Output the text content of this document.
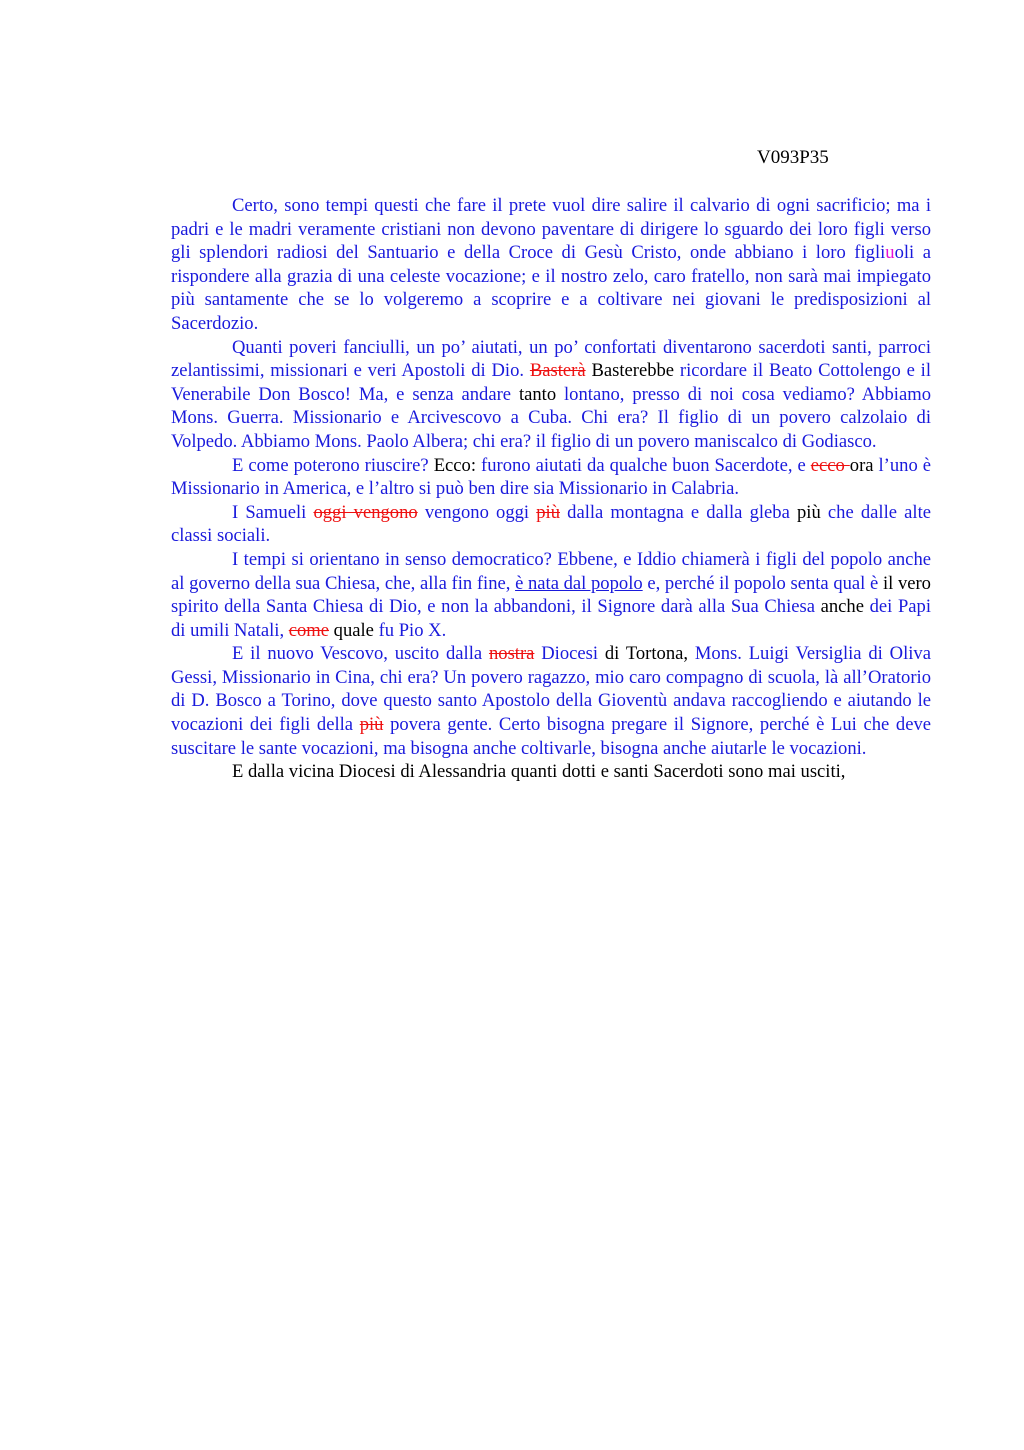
V093P35

Certo, sono tempi questi che fare il prete vuol dire salire il calvario di ogni sacrificio; ma i padri e le madri veramente cristiani non devono paventare di dirigere lo sguardo dei loro figli verso gli splendori radiosi del Santuario e della Croce di Gesù Cristo, onde abbiano i loro figliuoli a rispondere alla grazia di una celeste vocazione; e il nostro zelo, caro fratello, non sarà mai impiegato più santamente che se lo volgeremo a scoprire e a coltivare nei giovani le predisposizioni al Sacerdozio.

Quanti poveri fanciulli, un po’ aiutati, un po’ confortati diventarono sacerdoti santi, parroci zelantissimi, missionari e veri Apostoli di Dio. Basterà Basterebbe ricordare il Beato Cottolengo e il Venerabile Don Bosco! Ma, e senza andare tanto lontano, presso di noi cosa vediamo? Abbiamo Mons. Guerra. Missionario e Arcivescovo a Cuba. Chi era? Il figlio di un povero calzolaio di Volpedo. Abbiamo Mons. Paolo Albera; chi era? il figlio di un povero maniscalco di Godiasco.

E come poterono riuscire? Ecco: furono aiutati da qualche buon Sacerdote, e ecco ora l’uno è Missionario in America, e l’altro si può ben dire sia Missionario in Calabria.

I Samueli oggi vengono vengono oggi più dalla montagna e dalla gleba più che dalle alte classi sociali.

I tempi si orientano in senso democratico? Ebbene, e Iddio chiamerà i figli del popolo anche al governo della sua Chiesa, che, alla fin fine, è nata dal popolo e, perché il popolo senta qual è il vero spirito della Santa Chiesa di Dio, e non la abbandoni, il Signore darà alla Sua Chiesa anche dei Papi di umili Natali, come quale fu Pio X.

E il nuovo Vescovo, uscito dalla nostra Diocesi di Tortona, Mons. Luigi Versiglia di Oliva Gessi, Missionario in Cina, chi era? Un povero ragazzo, mio caro compagno di scuola, là all’Oratorio di D. Bosco a Torino, dove questo santo Apostolo della Gioventù andava raccogliendo e aiutando le vocazioni dei figli della più povera gente. Certo bisogna pregare il Signore, perché è Lui che deve suscitare le sante vocazioni, ma bisogna anche coltivarle, bisogna anche aiutarle le vocazioni.

E dalla vicina Diocesi di Alessandria quanti dotti e santi Sacerdoti sono mai usciti,
